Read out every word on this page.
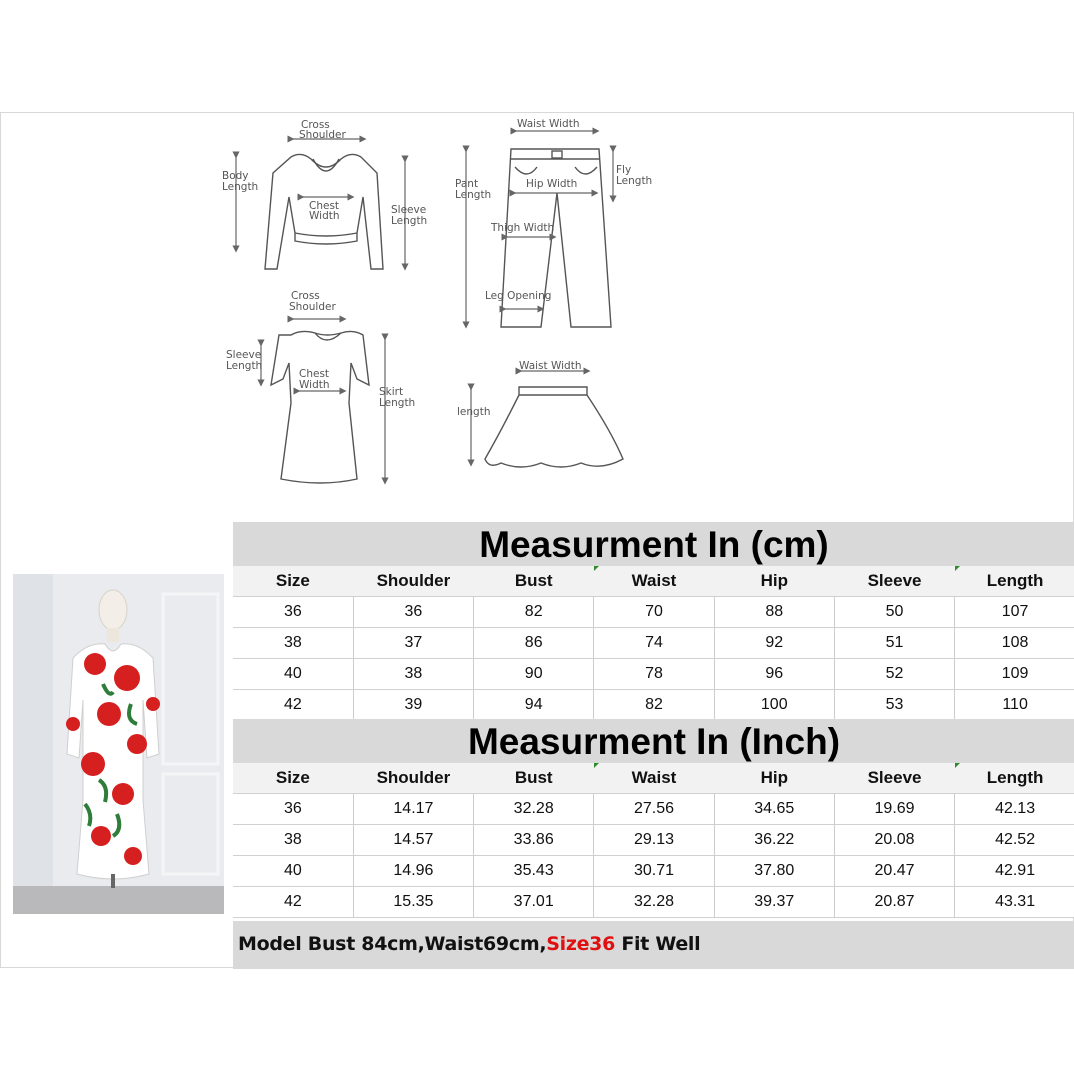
Cross
Shoulder
Body
Length
Chest
Width	Sleeve
Length
Waist Width
Pant
Length
Fly
Length
Hip Width
Thigh Width
Leg Opening
Cross
Shoulder
Sleeve
Length
Chest
Width
Skirt
Length
Waist Width
length
Measurment In (cm)
Size	Shoulder	Bust	Waist	Hip	Sleeve	Length
36	36	82	70	88	50	107
38	37	86	74	92	51	108
40	38	90	78	96	52	109
42	39	94	82	100	53	110
Measurment In (Inch)
Size	Shoulder	Bust	Waist	Hip	Sleeve	Length
36	14.17	32.28	27.56	34.65	19.69	42.13
38	14.57	33.86	29.13	36.22	20.08	42.52
40	14.96	35.43	30.71	37.80	20.47	42.91
42	15.35	37.01	32.28	39.37	20.87	43.31
Model Bust 84cm,Waist69cm,Size36 Fit Well
